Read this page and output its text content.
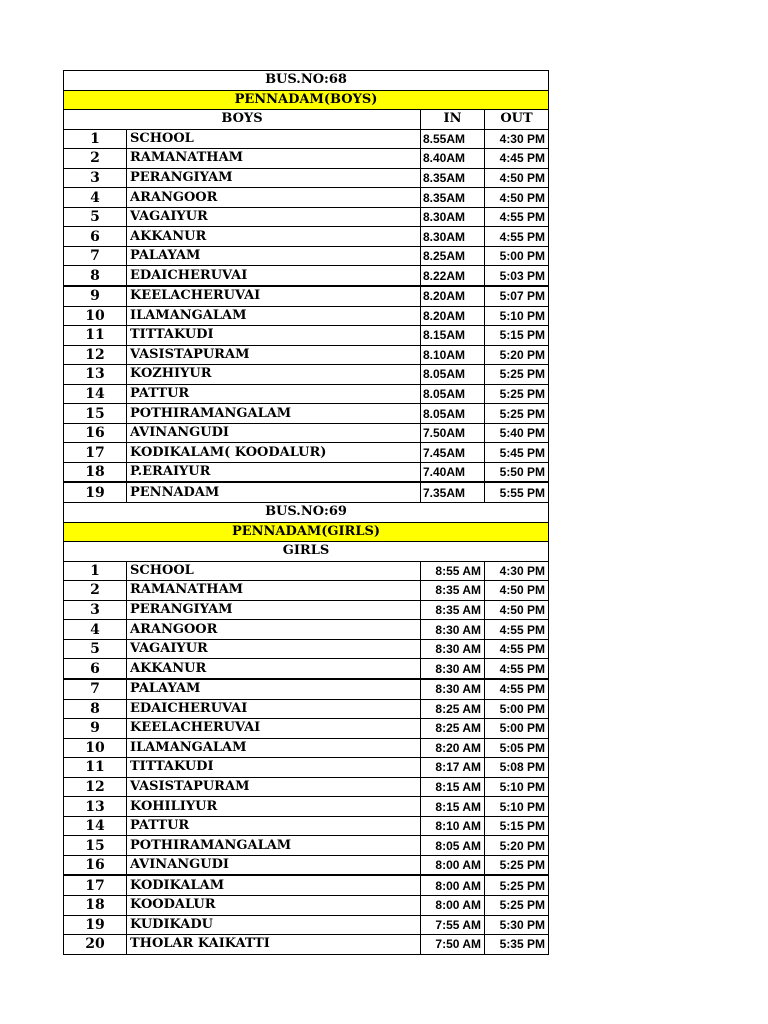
BUS.NO:68			
PENNADAM(BOYS)			
BOYS		IN	OUT
1	SCHOOL	8.55AM	4:30 PM
2	RAMANATHAM	8.40AM	4:45 PM
3	PERANGIYAM	8.35AM	4:50 PM
4	ARANGOOR	8.35AM	4:50 PM
5	VAGAIYUR	8.30AM	4:55 PM
6	AKKANUR	8.30AM	4:55 PM
7	PALAYAM	8.25AM	5:00 PM
8	EDAICHERUVAI	8.22AM	5:03 PM
9	KEELACHERUVAI	8.20AM	5:07 PM
10	ILAMANGALAM	8.20AM	5:10 PM
11	TITTAKUDI	8.15AM	5:15 PM
12	VASISTAPURAM	8.10AM	5:20 PM
13	KOZHIYUR	8.05AM	5:25 PM
14	PATTUR	8.05AM	5:25 PM
15	POTHIRAMANGALAM	8.05AM	5:25 PM
16	AVINANGUDI	7.50AM	5:40 PM
17	KODIKALAM( KOODALUR)	7.45AM	5:45 PM
18	P.ERAIYUR	7.40AM	5:50 PM
19	PENNADAM	7.35AM	5:55 PM
BUS.NO:69			
PENNADAM(GIRLS)			
GIRLS			
1	SCHOOL	8:55 AM	4:30 PM
2	RAMANATHAM	8:35 AM	4:50 PM
3	PERANGIYAM	8:35 AM	4:50 PM
4	ARANGOOR	8:30 AM	4:55 PM
5	VAGAIYUR	8:30 AM	4:55 PM
6	AKKANUR	8:30 AM	4:55 PM
7	PALAYAM	8:30 AM	4:55 PM
8	EDAICHERUVAI	8:25 AM	5:00 PM
9	KEELACHERUVAI	8:25 AM	5:00 PM
10	ILAMANGALAM	8:20 AM	5:05 PM
11	TITTAKUDI	8:17 AM	5:08 PM
12	VASISTAPURAM	8:15 AM	5:10 PM
13	KOHILIYUR	8:15 AM	5:10 PM
14	PATTUR	8:10 AM	5:15 PM
15	POTHIRAMANGALAM	8:05 AM	5:20 PM
16	AVINANGUDI	8:00 AM	5:25 PM
17	KODIKALAM	8:00 AM	5:25 PM
18	KOODALUR	8:00 AM	5:25 PM
19	KUDIKADU	7:55 AM	5:30 PM
20	THOLAR KAIKATTI	7:50 AM	5:35 PM
